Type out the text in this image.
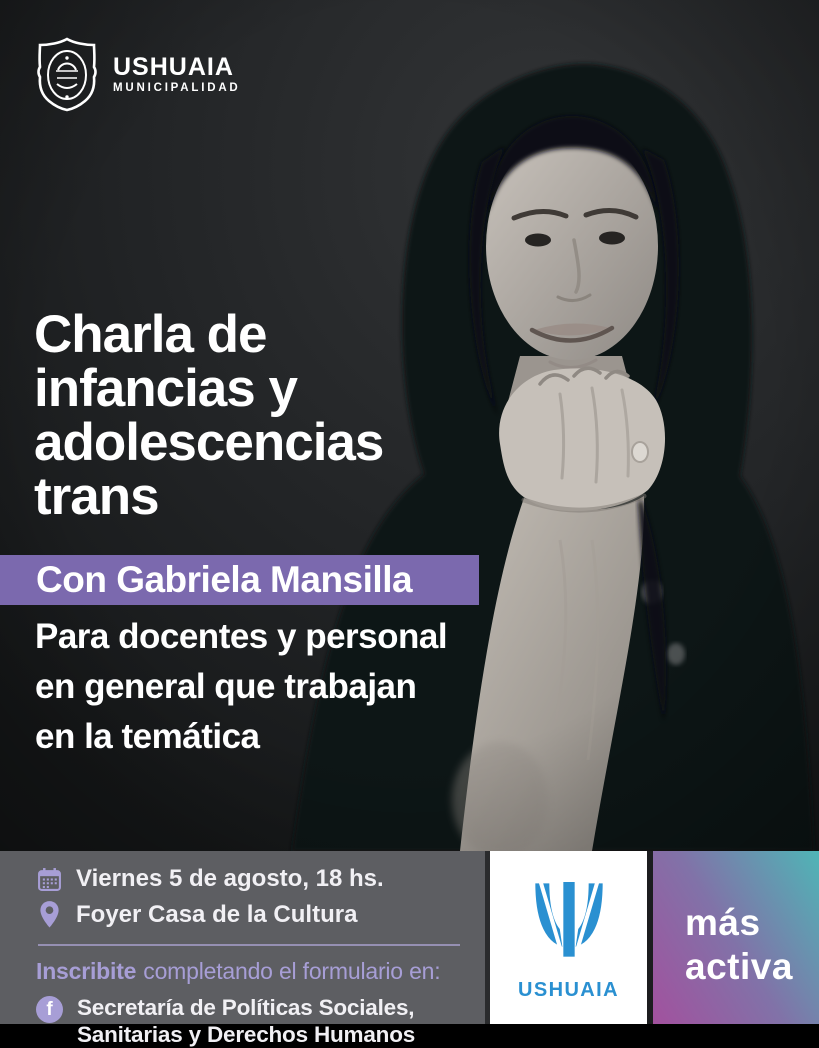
USHUAIA
MUNICIPALIDAD
Charla de
infancias y
adolescencias
trans
Con Gabriela Mansilla
Para docentes y personal
en general que trabajan
en la temática
Viernes 5 de agosto, 18 hs.
Foyer Casa de la Cultura
Inscribite completando el formulario en:
f	Secretaría de Políticas Sociales,
Sanitarias y Derechos Humanos
USHUAIA
más
activa
